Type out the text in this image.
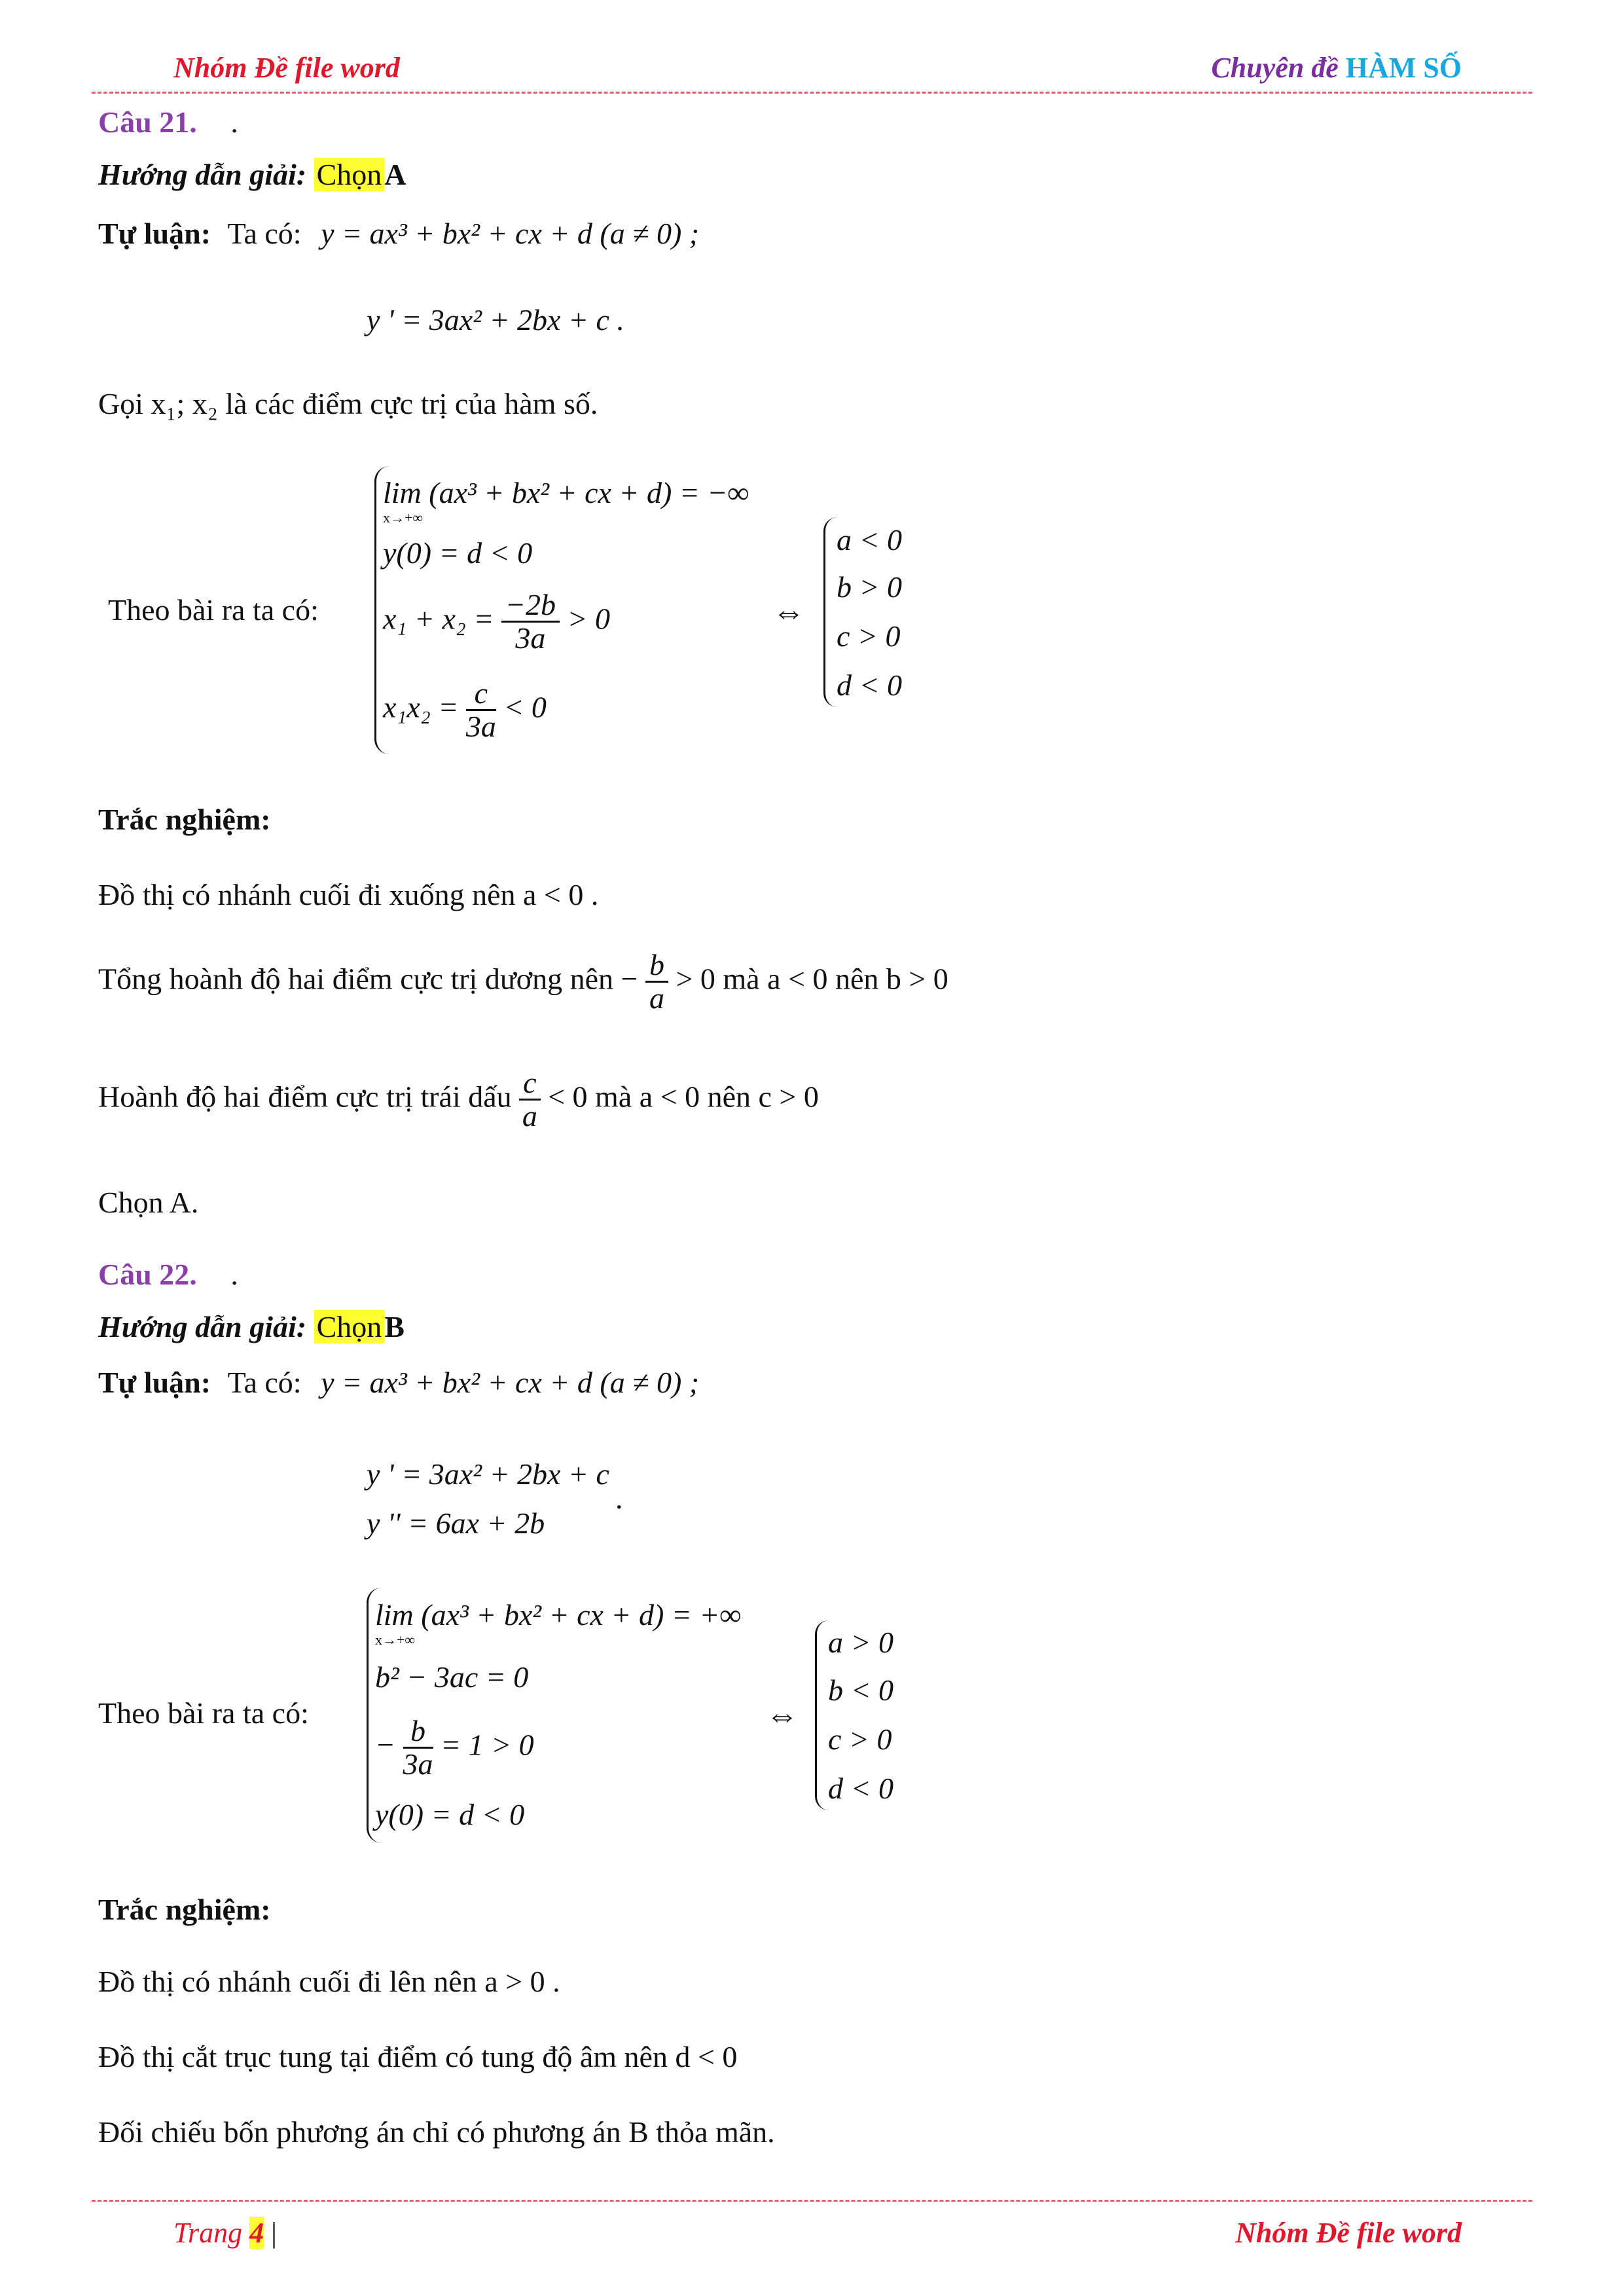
Nhóm Đề file word	Chuyên đề HÀM SỐ
Câu 21. .
Hướng dẫn giải: ChọnA
Tự luận: Ta có: y = ax³ + bx² + cx + d (a ≠ 0) ;
y ' = 3ax² + 2bx + c .
Gọi x₁; x₂ là các điểm cực trị của hàm số.
Theo bài ra ta có:
lim (ax³ + bx² + cx + d) = −∞
x→+∞
y(0) = d < 0
$x_1 + x_2 = \frac{-2b}{3a} > 0$
$x_1x_2 = \frac{c}{3a} < 0$
⇔
a < 0
b > 0
c > 0
d < 0
Trắc nghiệm:
Đồ thị có nhánh cuối đi xuống nên a < 0 .
Tổng hoành độ hai điểm cực trị dương nên − $\frac{b}{a} > 0$ mà a < 0 nên b > 0
Hoành độ hai điểm cực trị trái dấu $\frac{c}{a} < 0$ mà a < 0 nên c > 0
Chọn A.
Câu 22. .
Hướng dẫn giải: ChọnB
Tự luận: Ta có: y = ax³ + bx² + cx + d (a ≠ 0) ;
y ' = 3ax² + 2bx + c
y '' = 6ax + 2b
.
Theo bài ra ta có:
lim (ax³ + bx² + cx + d) = +∞
x→+∞
b² − 3ac = 0
− $\frac{b}{3a} = 1 > 0$
y(0) = d < 0
⇔
a > 0
b < 0
c > 0
d < 0
Trắc nghiệm:
Đồ thị có nhánh cuối đi lên nên a > 0 .
Đồ thị cắt trục tung tại điểm có tung độ âm nên d < 0
Đối chiếu bốn phương án chỉ có phương án B thỏa mãn.
Trang 4 |	Nhóm Đề file word
